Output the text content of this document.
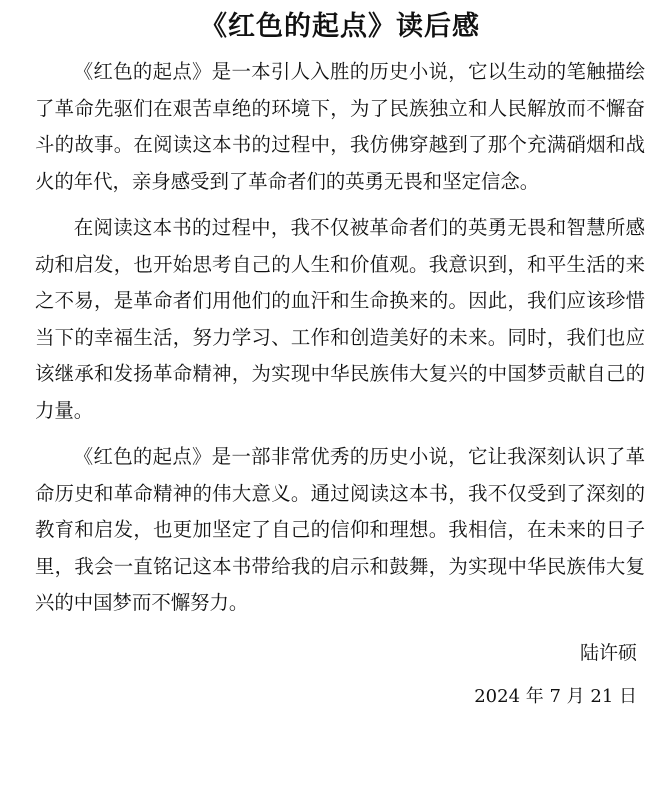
《红色的起点》读后感

《红色的起点》是一本引人入胜的历史小说，它以生动的笔触描绘了革命先驱们在艰苦卓绝的环境下，为了民族独立和人民解放而不懈奋斗的故事。在阅读这本书的过程中，我仿佛穿越到了那个充满硝烟和战火的年代，亲身感受到了革命者们的英勇无畏和坚定信念。

在阅读这本书的过程中，我不仅被革命者们的英勇无畏和智慧所感动和启发，也开始思考自己的人生和价值观。我意识到，和平生活的来之不易，是革命者们用他们的血汗和生命换来的。因此，我们应该珍惜当下的幸福生活，努力学习、工作和创造美好的未来。同时，我们也应该继承和发扬革命精神，为实现中华民族伟大复兴的中国梦贡献自己的力量。

《红色的起点》是一部非常优秀的历史小说，它让我深刻认识了革命历史和革命精神的伟大意义。通过阅读这本书，我不仅受到了深刻的教育和启发，也更加坚定了自己的信仰和理想。我相信，在未来的日子里，我会一直铭记这本书带给我的启示和鼓舞，为实现中华民族伟大复兴的中国梦而不懈努力。

陆许硕
2024 年 7 月 21 日
